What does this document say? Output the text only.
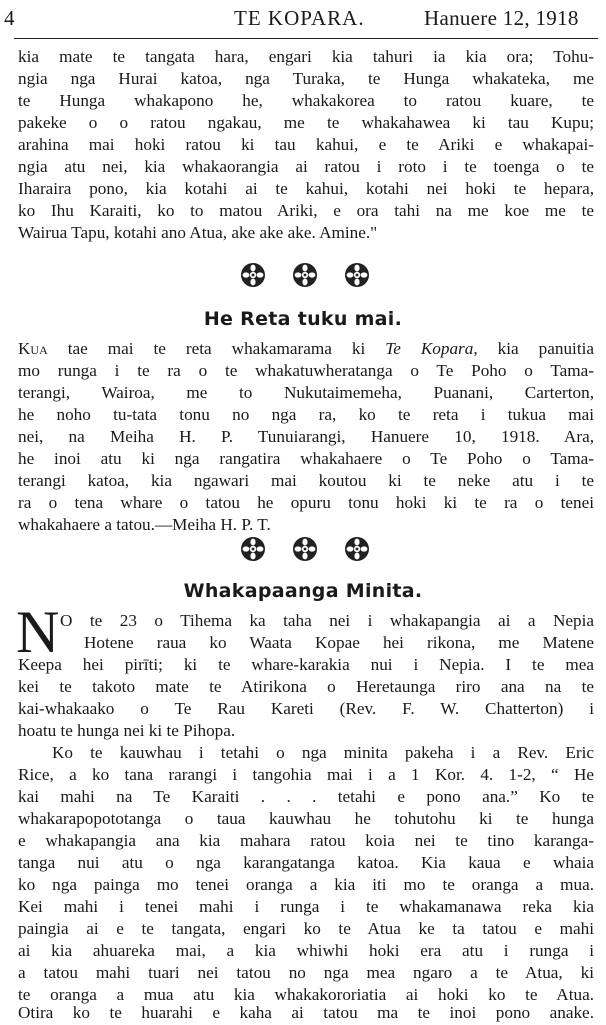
4	TE KOPARA.	Hanuere 12, 1918
kia mate te tangata hara, engari kia tahuri ia kia ora; Tohu-
ngia nga Hurai katoa, nga Turaka, te Hunga whakateka, me
te Hunga whakapono he, whakakorea to ratou kuare, te
pakeke o o ratou ngakau, me te whakahawea ki tau Kupu;
arahina mai hoki ratou ki tau kahui, e te Ariki e whakapai-
ngia atu nei, kia whakaorangia ai ratou i roto i te toenga o te
Iharaira pono, kia kotahi ai te kahui, kotahi nei hoki te hepara,
ko Ihu Karaiti, ko to matou Ariki, e ora tahi na me koe me te
Wairua Tapu, kotahi ano Atua, ake ake ake. Amine."
He Reta tuku mai.
Kua tae mai te reta whakamarama ki Te Kopara, kia panuitia
mo runga i te ra o te whakatuwheratanga o Te Poho o Tama-
terangi, Wairoa, me to Nukutaimemeha, Puanani, Carterton,
he noho tu-tata tonu no nga ra, ko te reta i tukua mai
nei, na Meiha H. P. Tunuiarangi, Hanuere 10, 1918. Ara,
he inoi atu ki nga rangatira whakahaere o Te Poho o Tama-
terangi katoa, kia ngawari mai koutou ki te neke atu i te
ra o tena whare o tatou he opuru tonu hoki ki te ra o tenei
whakahaere a tatou.—Meiha H. P. T.
Whakapaanga Minita.
N O te 23 o Tihema ka taha nei i whakapangia ai a Nepia
Hotene raua ko Waata Kopae hei rikona, me Matene
Keepa hei pirīti; ki te whare-karakia nui i Nepia. I te mea
kei te takoto mate te Atirikona o Heretaunga riro ana na te
kai-whakaako o Te Rau Kareti (Rev. F. W. Chatterton) i
hoatu te hunga nei ki te Pihopa.
Ko te kauwhau i tetahi o nga minita pakeha i a Rev. Eric
Rice, a ko tana rarangi i tangohia mai i a 1 Kor. 4. 1-2, “ He
kai mahi na Te Karaiti . . . tetahi e pono ana.” Ko te
whakarapopototanga o taua kauwhau he tohutohu ki te hunga
e whakapangia ana kia mahara ratou koia nei te tino karanga-
tanga nui atu o nga karangatanga katoa. Kia kaua e whaia
ko nga painga mo tenei oranga a kia iti mo te oranga a mua.
Kei mahi i tenei mahi i runga i te whakamanawa reka kia
paingia ai e te tangata, engari ko te Atua ke ta tatou e mahi
ai kia ahuareka mai, a kia whiwhi hoki era atu i runga i
a tatou mahi tuari nei tatou no nga mea ngaro a te Atua, ki
te oranga a mua atu kia whakakororiatia ai hoki ko te Atua.
Otira ko te huarahi e kaha ai tatou ma te inoi pono anake.
